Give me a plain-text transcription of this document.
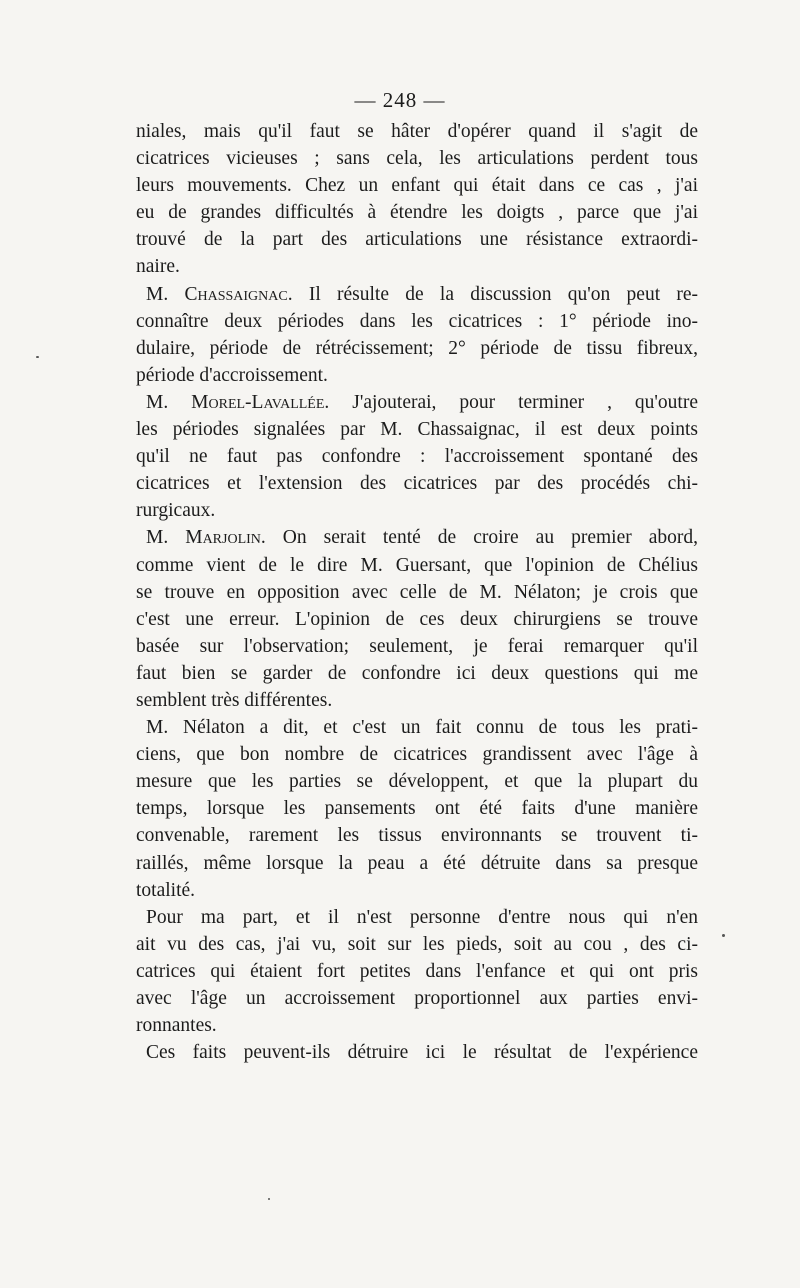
— 248 —
niales, mais qu'il faut se hâter d'opérer quand il s'agit de
cicatrices vicieuses ; sans cela, les articulations perdent tous
leurs mouvements. Chez un enfant qui était dans ce cas , j'ai
eu de grandes difficultés à étendre les doigts , parce que j'ai
trouvé de la part des articulations une résistance extraordi-
naire.
M. Chassaignac. Il résulte de la discussion qu'on peut re-
connaître deux périodes dans les cicatrices : 1° période ino-
dulaire, période de rétrécissement; 2° période de tissu fibreux,
période d'accroissement.
M. Morel-Lavallée. J'ajouterai, pour terminer , qu'outre
les périodes signalées par M. Chassaignac, il est deux points
qu'il ne faut pas confondre : l'accroissement spontané des
cicatrices et l'extension des cicatrices par des procédés chi-
rurgicaux.
M. Marjolin. On serait tenté de croire au premier abord,
comme vient de le dire M. Guersant, que l'opinion de Chélius
se trouve en opposition avec celle de M. Nélaton; je crois que
c'est une erreur. L'opinion de ces deux chirurgiens se trouve
basée sur l'observation; seulement, je ferai remarquer qu'il
faut bien se garder de confondre ici deux questions qui me
semblent très différentes.
M. Nélaton a dit, et c'est un fait connu de tous les prati-
ciens, que bon nombre de cicatrices grandissent avec l'âge à
mesure que les parties se développent, et que la plupart du
temps, lorsque les pansements ont été faits d'une manière
convenable, rarement les tissus environnants se trouvent ti-
raillés, même lorsque la peau a été détruite dans sa presque
totalité.
Pour ma part, et il n'est personne d'entre nous qui n'en
ait vu des cas, j'ai vu, soit sur les pieds, soit au cou , des ci-
catrices qui étaient fort petites dans l'enfance et qui ont pris
avec l'âge un accroissement proportionnel aux parties envi-
ronnantes.
Ces faits peuvent-ils détruire ici le résultat de l'expérience
